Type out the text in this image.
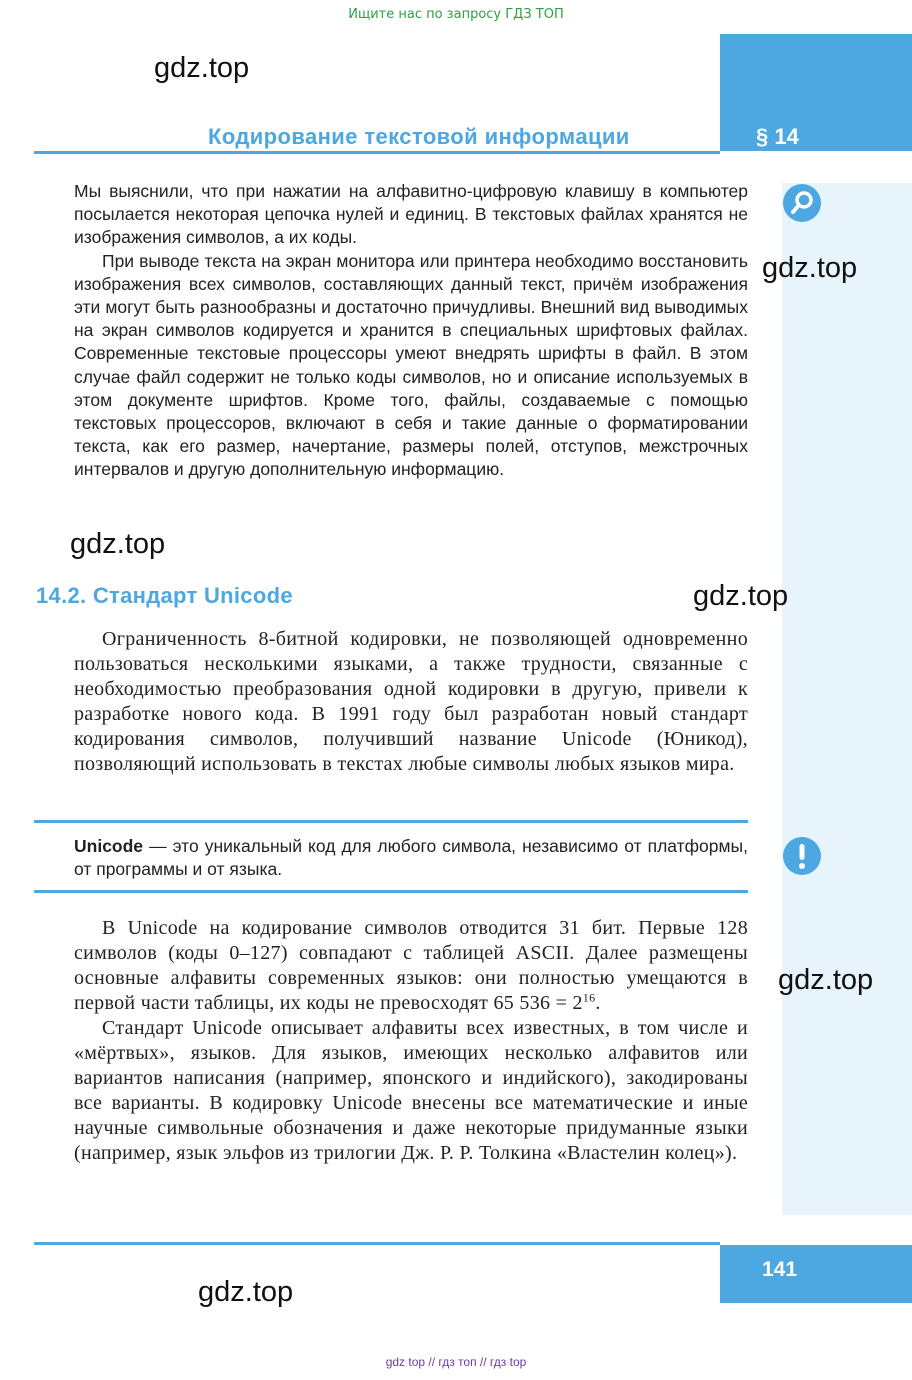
Ищите нас по запросу ГДЗ ТОП
§ 14
gdz.top
Кодирование текстовой информации

Мы выяснили, что при нажатии на алфавитно-цифровую клавишу в компьютер посылается некоторая цепочка нулей и единиц. В текстовых файлах хранятся не изображения символов, а их коды.

При выводе текста на экран монитора или принтера необходимо восстановить изображения всех символов, составляющих данный текст, причём изображения эти могут быть разнообразны и достаточно причудливы. Внешний вид выводимых на экран символов кодируется и хранится в специальных шрифтовых файлах. Современные текстовые процессоры умеют внедрять шрифты в файл. В этом случае файл содержит не только коды символов, но и описание используемых в этом документе шрифтов. Кроме того, файлы, создаваемые с помощью текстовых процессоров, включают в себя и такие данные о форматировании текста, как его размер, начертание, размеры полей, отступов, межстрочных интервалов и другую дополнительную информацию.

gdz.top
gdz.top
14.2. Стандарт Unicode	gdz.top

Ограниченность 8-битной кодировки, не позволяющей одновременно пользоваться несколькими языками, а также трудности, связанные с необходимостью преобразования одной кодировки в другую, привели к разработке нового кода. В 1991 году был разработан новый стандарт кодирования символов, получивший название Unicode (Юникод), позволяющий использовать в текстах любые символы любых языков мира.

Unicode — это уникальный код для любого символа, независимо от платформы, от программы и от языка.

В Unicode на кодирование символов отводится 31 бит. Первые 128 символов (коды 0–127) совпадают с таблицей ASCII. Далее размещены основные алфавиты современных языков: они полностью умещаются в первой части таблицы, их коды не превосходят 65 $536 = 2^{16}$.

Стандарт Unicode описывает алфавиты всех известных, в том числе и «мёртвых», языков. Для языков, имеющих несколько алфавитов или вариантов написания (например, японского и индийского), закодированы все варианты. В кодировку Unicode внесены все математические и иные научные символьные обозначения и даже некоторые придуманные языки (например, язык эльфов из трилогии Дж. Р. Р. Толкина «Властелин колец»).

gdz.top
141
gdz.top
gdz top // гдз топ // гдз top
